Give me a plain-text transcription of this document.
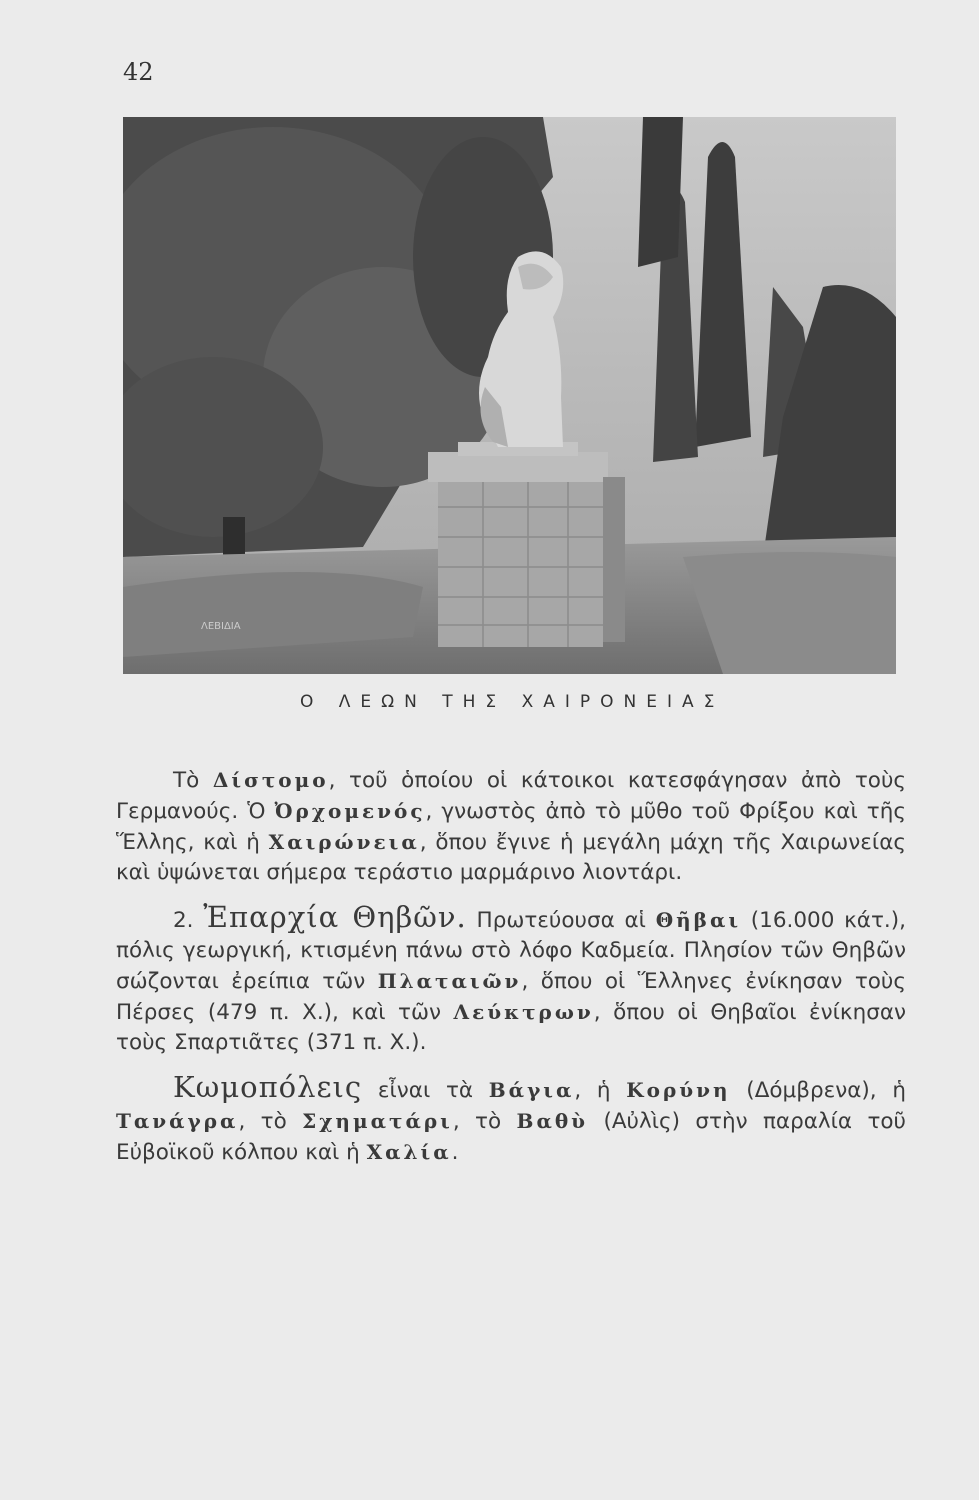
42
ΛΕΒΙΔΙΑ
Ο ΛΕΩΝ ΤΗΣ ΧΑΙΡΟΝΕΙΑΣ

Τὸ Δίστομο, τοῦ ὁποίου οἱ κάτοικοι κατεσφάγησαν ἀπὸ τοὺς Γερμανούς. Ὁ Ὀρχομενός, γνωστὸς ἀπὸ τὸ μῦθο τοῦ Φρίξου καὶ τῆς Ἕλλης, καὶ ἡ Χαιρώνεια, ὅπου ἔγινε ἡ μεγάλη μάχη τῆς Χαιρωνείας καὶ ὑψώνεται σήμερα τεράστιο μαρμάρινο λιοντάρι.

2. Ἐπαρχία Θηβῶν. Πρωτεύουσα αἱ Θῆβαι (16.000 κάτ.), πόλις γεωργική, κτισμένη πάνω στὸ λόφο Καδμεία. Πλησίον τῶν Θηβῶν σώζονται ἐρείπια τῶν Πλαταιῶν, ὅπου οἱ Ἕλληνες ἐνίκησαν τοὺς Πέρσες (479 π. Χ.), καὶ τῶν Λεύκτρων, ὅπου οἱ Θηβαῖοι ἐνίκησαν τοὺς Σπαρτιᾶτες (371 π. Χ.).

Κωμοπόλεις εἶναι τὰ Βάγια, ἡ Κορύνη (Δόμβρενα), ἡ Τανάγρα, τὸ Σχηματάρι, τὸ Βαθὺ (Αὐλὶς) στὴν παραλία τοῦ Εὐβοϊκοῦ κόλπου καὶ ἡ Χαλία.
